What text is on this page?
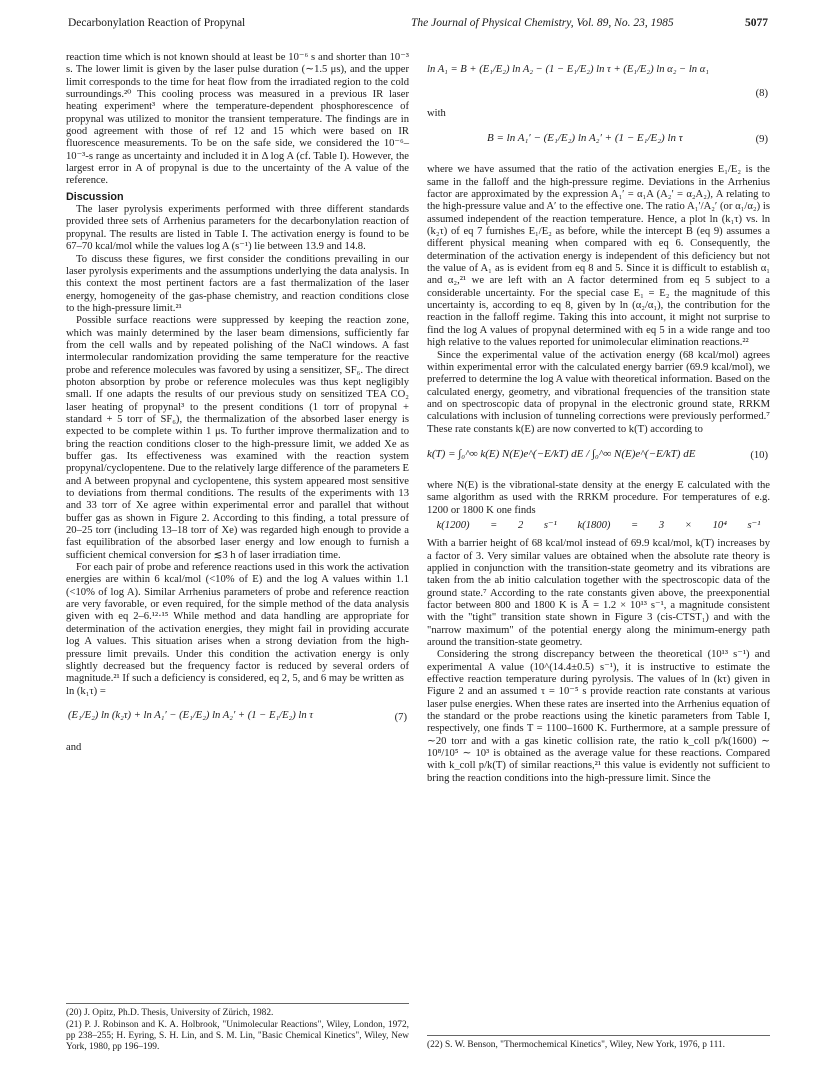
Decarbonylation Reaction of Propynal	The Journal of Physical Chemistry, Vol. 89, No. 23, 1985	5077

reaction time which is not known should at least be 10⁻⁶ s and shorter than 10⁻³ s. The lower limit is given by the laser pulse duration (∼1.5 μs), and the upper limit corresponds to the time for heat flow from the irradiated region to the cold surroundings.²⁰ This cooling process was measured in a previous IR laser heating experiment³ where the temperature-dependent phosphorescence of propynal was utilized to monitor the transient temperature. The findings are in good agreement with those of ref 12 and 15 which were based on IR fluorescence measurements. To be on the safe side, we considered the 10⁻⁶–10⁻³-s range as uncertainty and included it in Δ log A (cf. Table I). However, the largest error in A of propynal is due to the uncertainty of the A value of the reference.

Discussion

The laser pyrolysis experiments performed with three different standards provided three sets of Arrhenius parameters for the decarbonylation reaction of propynal. The results are listed in Table I. The activation energy is found to be 67–70 kcal/mol while the values log A (s⁻¹) lie between 13.9 and 14.8.

To discuss these figures, we first consider the conditions prevailing in our laser pyrolysis experiments and the assumptions underlying the data analysis. In this context the most pertinent factors are a fast thermalization of the laser energy, homogeneity of the gas-phase chemistry, and reaction conditions close to the high-pressure limit.²¹

Possible surface reactions were suppressed by keeping the reaction zone, which was mainly determined by the laser beam dimensions, sufficiently far from the cell walls and by repeated polishing of the NaCl windows. A fast intermolecular randomization providing the same temperature for the reactive probe and reference molecules was favored by using a sensitizer, SF₆. The direct photon absorption by probe or reference molecules was thus kept negligibly small. If one adapts the results of our previous study on sensitized TEA CO₂ laser heating of propynal³ to the present conditions (1 torr of propynal + standard + 5 torr of SF₆), the thermalization of the absorbed laser energy is expected to be complete within 1 μs. To further improve thermalization and to bring the reaction conditions closer to the high-pressure limit, we added Xe as buffer gas. Its effectiveness was examined with the reaction system propynal/cyclopentene. Due to the relatively large difference of the parameters E and A between propynal and cyclopentene, this system appeared most sensitive to deviations from thermal conditions. The results of the experiments with 13 and 33 torr of Xe agree within experimental error and parallel that without buffer gas as shown in Figure 2. According to this finding, a total pressure of 20–25 torr (including 13–18 torr of Xe) was regarded high enough to provide a fast equilibration of the absorbed laser energy and low enough to furnish a sufficient chemical conversion for ≲3 h of laser irradiation time.

For each pair of probe and reference reactions used in this work the activation energies are within 6 kcal/mol (<10% of E) and the log A values within 1.1 (<10% of log A). Similar Arrhenius parameters of probe and reference reaction are very favorable, or even required, for the simple method of the data analysis given with eq 2–6.¹²·¹⁵ While method and data handling are appropriate for determination of the activation energies, they might fail in providing accurate log A values. This situation arises when a strong deviation from the high-pressure limit prevails. Under this condition the activation energy is only slightly decreased but the frequency factor is reduced by several orders of magnitude.²¹ If such a deficiency is considered, eq 2, 5, and 6 may be written as

ln (k₁τ) =

(E₁/E₂) ln (k₂τ) + ln A₁′ − (E₁/E₂) ln A₂′ + (1 − E₁/E₂) ln τ	(7)

and

ln A₁ = B + (E₁/E₂) ln A₂ − (1 − E₁/E₂) ln τ + (E₁/E₂) ln α₂ − ln α₁
(8)

with

B = ln A₁′ − (E₁/E₂) ln A₂′ + (1 − E₁/E₂) ln τ	(9)

where we have assumed that the ratio of the activation energies E₁/E₂ is the same in the falloff and the high-pressure regime. Deviations in the Arrhenius factor are approximated by the expression A₁′ = α₁A (A₂′ = α₂A₂), A relating to the high-pressure value and A′ to the effective one. The ratio A₁′/A₂′ (or α₁/α₂) is assumed independent of the reaction temperature. Hence, a plot ln (k₁τ) vs. ln (k₂τ) of eq 7 furnishes E₁/E₂ as before, while the intercept B (eq 9) assumes a different physical meaning when compared with eq 6. Consequently, the determination of the activation energy is independent of this deficiency but not the value of A₁ as is evident from eq 8 and 5. Since it is difficult to establish α₁ and α₂,²¹ we are left with an A factor determined from eq 5 subject to a considerable uncertainty. For the special case E₁ = E₂ the magnitude of this uncertainty is, according to eq 8, given by ln (α₂/α₁), the contribution for the reaction in the falloff regime. Taking this into account, it might not surprise to find the log A values of propynal determined with eq 5 in a wide range and too high relative to the values reported for unimolecular elimination reactions.²²

Since the experimental value of the activation energy (68 kcal/mol) agrees within experimental error with the calculated energy barrier (69.9 kcal/mol), we preferred to determine the log A value with theoretical information. Based on the calculated energy, geometry, and vibrational frequencies of the transition state and on spectroscopic data of propynal in the electronic ground state, RRKM calculations with inclusion of tunneling corrections were previously performed.⁷ These rate constants k(E) are now converted to k(T) according to

k(T) = ∫₀^∞ k(E) N(E)e^(−E/kT) dE / ∫₀^∞ N(E)e^(−E/kT) dE	(10)

where N(E) is the vibrational-state density at the energy E calculated with the same algorithm as used with the RRKM procedure. For temperatures of e.g. 1200 or 1800 K one finds

k(1200) = 2 s⁻¹ k(1800) = 3 × 10⁴ s⁻¹

With a barrier height of 68 kcal/mol instead of 69.9 kcal/mol, k(T) increases by a factor of 3. Very similar values are obtained when the absolute rate theory is applied in conjunction with the transition-state geometry and its vibrations are taken from the ab initio calculation together with the spectroscopic data of the ground state.⁷ According to the rate constants given above, the preexponential factor between 800 and 1800 K is Ā = 1.2 × 10¹³ s⁻¹, a magnitude consistent with the "tight" transition state shown in Figure 3 (cis-CTST₁) and with the "narrow maximum" of the potential energy along the minimum-energy path around the transition-state geometry.

Considering the strong discrepancy between the theoretical (10¹³ s⁻¹) and experimental A value (10^(14.4±0.5) s⁻¹), it is instructive to estimate the effective reaction temperature during pyrolysis. The values of ln (kτ) given in Figure 2 and an assumed τ = 10⁻⁵ s provide reaction rate constants at various laser pulse energies. When these rates are inserted into the Arrhenius equation of the standard or the probe reactions using the kinetic parameters from Table I, respectively, one finds T = 1100–1600 K. Furthermore, at a sample pressure of ∼20 torr and with a gas kinetic collision rate, the ratio k_coll p/k(1600) ∼ 10⁸/10⁵ ∼ 10³ is obtained as the average value for these reactions. Compared with k_coll p/k(T) of similar reactions,²¹ this value is evidently not sufficient to bring the reaction conditions into the high-pressure limit. Since the

(20) J. Opitz, Ph.D. Thesis, University of Zürich, 1982.
(21) P. J. Robinson and K. A. Holbrook, "Unimolecular Reactions", Wiley, London, 1972, pp 238–255; H. Eyring, S. H. Lin, and S. M. Lin, "Basic Chemical Kinetics", Wiley, New York, 1980, pp 196–199.	(22) S. W. Benson, "Thermochemical Kinetics", Wiley, New York, 1976, p 111.
